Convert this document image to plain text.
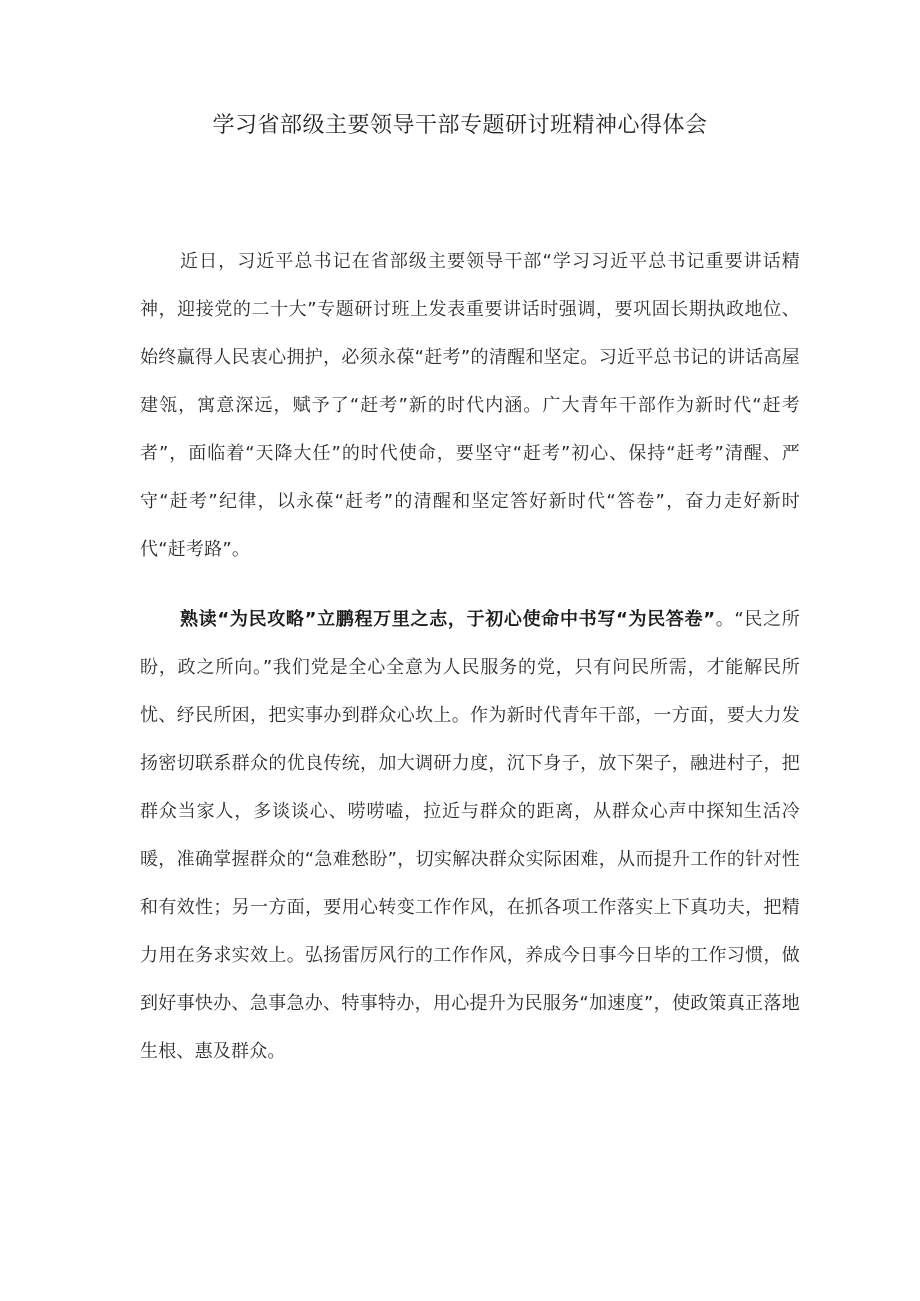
学习省部级主要领导干部专题研讨班精神心得体会

近日，习近平总书记在省部级主要领导干部“学习习近平总书记重要讲话精神，迎接党的二十大”专题研讨班上发表重要讲话时强调，要巩固长期执政地位、始终赢得人民衷心拥护，必须永葆“赶考”的清醒和坚定。习近平总书记的讲话高屋建瓴，寓意深远，赋予了“赶考”新的时代内涵。广大青年干部作为新时代“赶考者”，面临着“天降大任”的时代使命，要坚守“赶考”初心、保持“赶考”清醒、严守“赶考”纪律，以永葆“赶考”的清醒和坚定答好新时代“答卷”，奋力走好新时代“赶考路”。

熟读“为民攻略”立鹏程万里之志，于初心使命中书写“为民答卷”。“民之所盼，政之所向。”我们党是全心全意为人民服务的党，只有问民所需，才能解民所忧、纾民所困，把实事办到群众心坎上。作为新时代青年干部，一方面，要大力发扬密切联系群众的优良传统，加大调研力度，沉下身子，放下架子，融进村子，把群众当家人，多谈谈心、唠唠嗑，拉近与群众的距离，从群众心声中探知生活冷暖，准确掌握群众的“急难愁盼”，切实解决群众实际困难，从而提升工作的针对性和有效性；另一方面，要用心转变工作作风，在抓各项工作落实上下真功夫，把精力用在务求实效上。弘扬雷厉风行的工作作风，养成今日事今日毕的工作习惯，做到好事快办、急事急办、特事特办，用心提升为民服务“加速度”，使政策真正落地生根、惠及群众。
